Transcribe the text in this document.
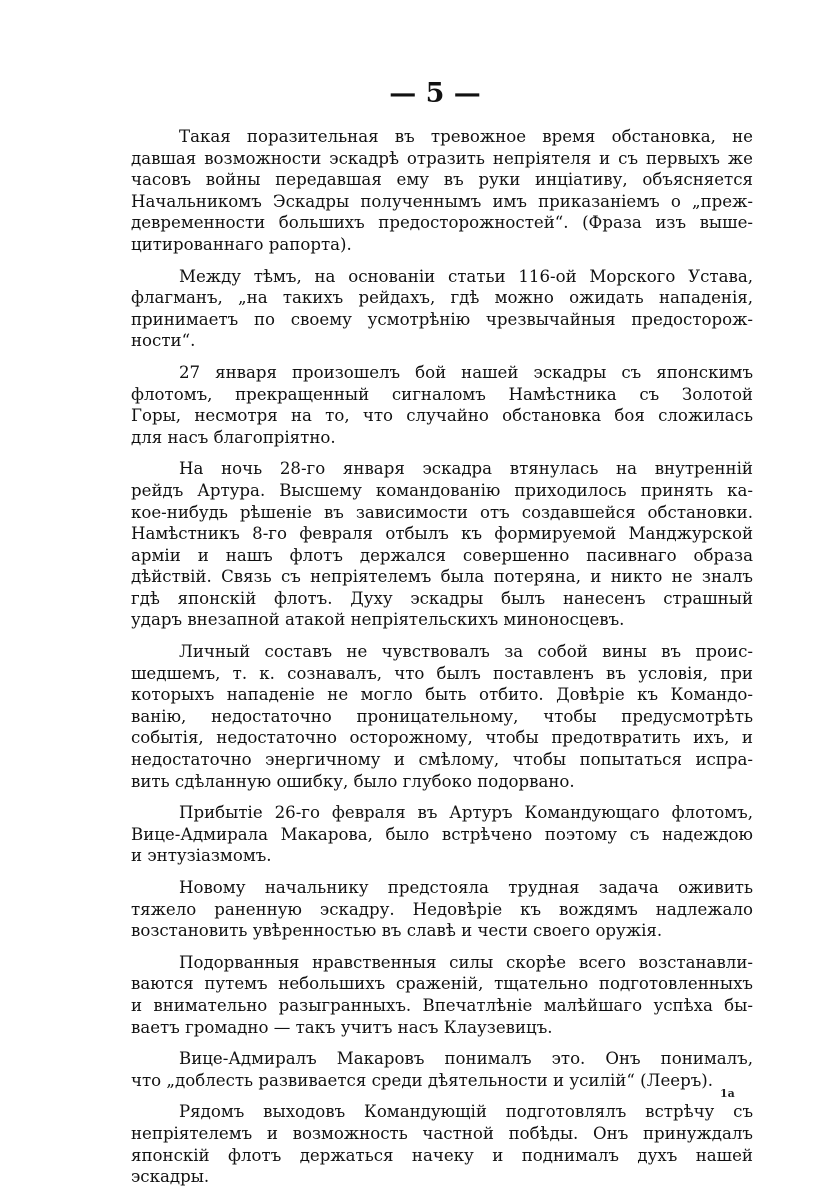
— 5 —
Такая поразительная въ тревожное время обстановка, не
давшая возможности эскадрѣ отразить непріятеля и съ первыхъ же
часовъ войны передавшая ему въ руки инціативу, объясняется
Начальникомъ Эскадры полученнымъ имъ приказанiемъ о „преж-
девременности большихъ предосторожностей“. (Фраза изъ выше-
цитированнаго рапорта).
Между тѣмъ, на основаніи статьи 116-ой Морского Устава,
флагманъ, „на такихъ рейдахъ, гдѣ можно ожидать нападенія,
принимаетъ по своему усмотрѣнію чрезвычайныя предосторож-
ности“.
27 января произошелъ бой нашей эскадры съ японскимъ
флотомъ, прекращенный сигналомъ Намѣстника съ Золотой
Горы, несмотря на то, что случайно обстановка боя сложилась
для насъ благопріятно.
На ночь 28-го января эскадра втянулась на внутренній
рейдъ Артура. Высшему командованію приходилось принять ка-
кое-нибудь рѣшеніе въ зависимости отъ создавшейся обстановки.
Намѣстникъ 8-го февраля отбылъ къ формируемой Манджурской
арміи и нашъ флотъ держался совершенно пасивнаго образа
дѣйствій. Связь съ непріятелемъ была потеряна, и никто не зналъ
гдѣ японскій флотъ. Духу эскадры былъ нанесенъ страшный
ударъ внезапной атакой непріятельскихъ миноносцевъ.
Личный составъ не чувствовалъ за собой вины въ проис-
шедшемъ, т. к. сознавалъ, что былъ поставленъ въ условія, при
которыхъ нападеніе не могло быть отбито. Довѣріе къ Командо-
ванію, недостаточно проницательному, чтобы предусмотрѣть
событія, недостаточно осторожному, чтобы предотвратить ихъ, и
недостаточно энергичному и смѣлому, чтобы попытаться испра-
вить сдѣланную ошибку, было глубоко подорвано.
Прибытіе 26-го февраля въ Артуръ Командующаго флотомъ,
Вице-Адмирала Макарова, было встрѣчено поэтому съ надеждою
и энтузіазмомъ.
Новому начальнику предстояла трудная задача оживить
тяжело раненную эскадру. Недовѣріе къ вождямъ надлежало
возстановить увѣренностью въ славѣ и чести своего оружія.
Подорванныя нравственныя силы скорѣе всего возстанавли-
ваются путемъ небольшихъ сраженій, тщательно подготовленныхъ
и внимательно разыгранныхъ. Впечатлѣніе малѣйшаго успѣха бы-
ваетъ громадно — такъ учитъ насъ Клаузевицъ.
Вице-Адмиралъ Макаровъ понималъ это. Онъ понималъ,
что „доблесть развивается среди дѣятельности и усилій“ (Лееръ).
Рядомъ выходовъ Командующій подготовлялъ встрѣчу съ
непріятелемъ и возможность частной побѣды. Онъ принуждалъ
японскій флотъ держаться начеку и поднималъ духъ нашей
эскадры.
1а
